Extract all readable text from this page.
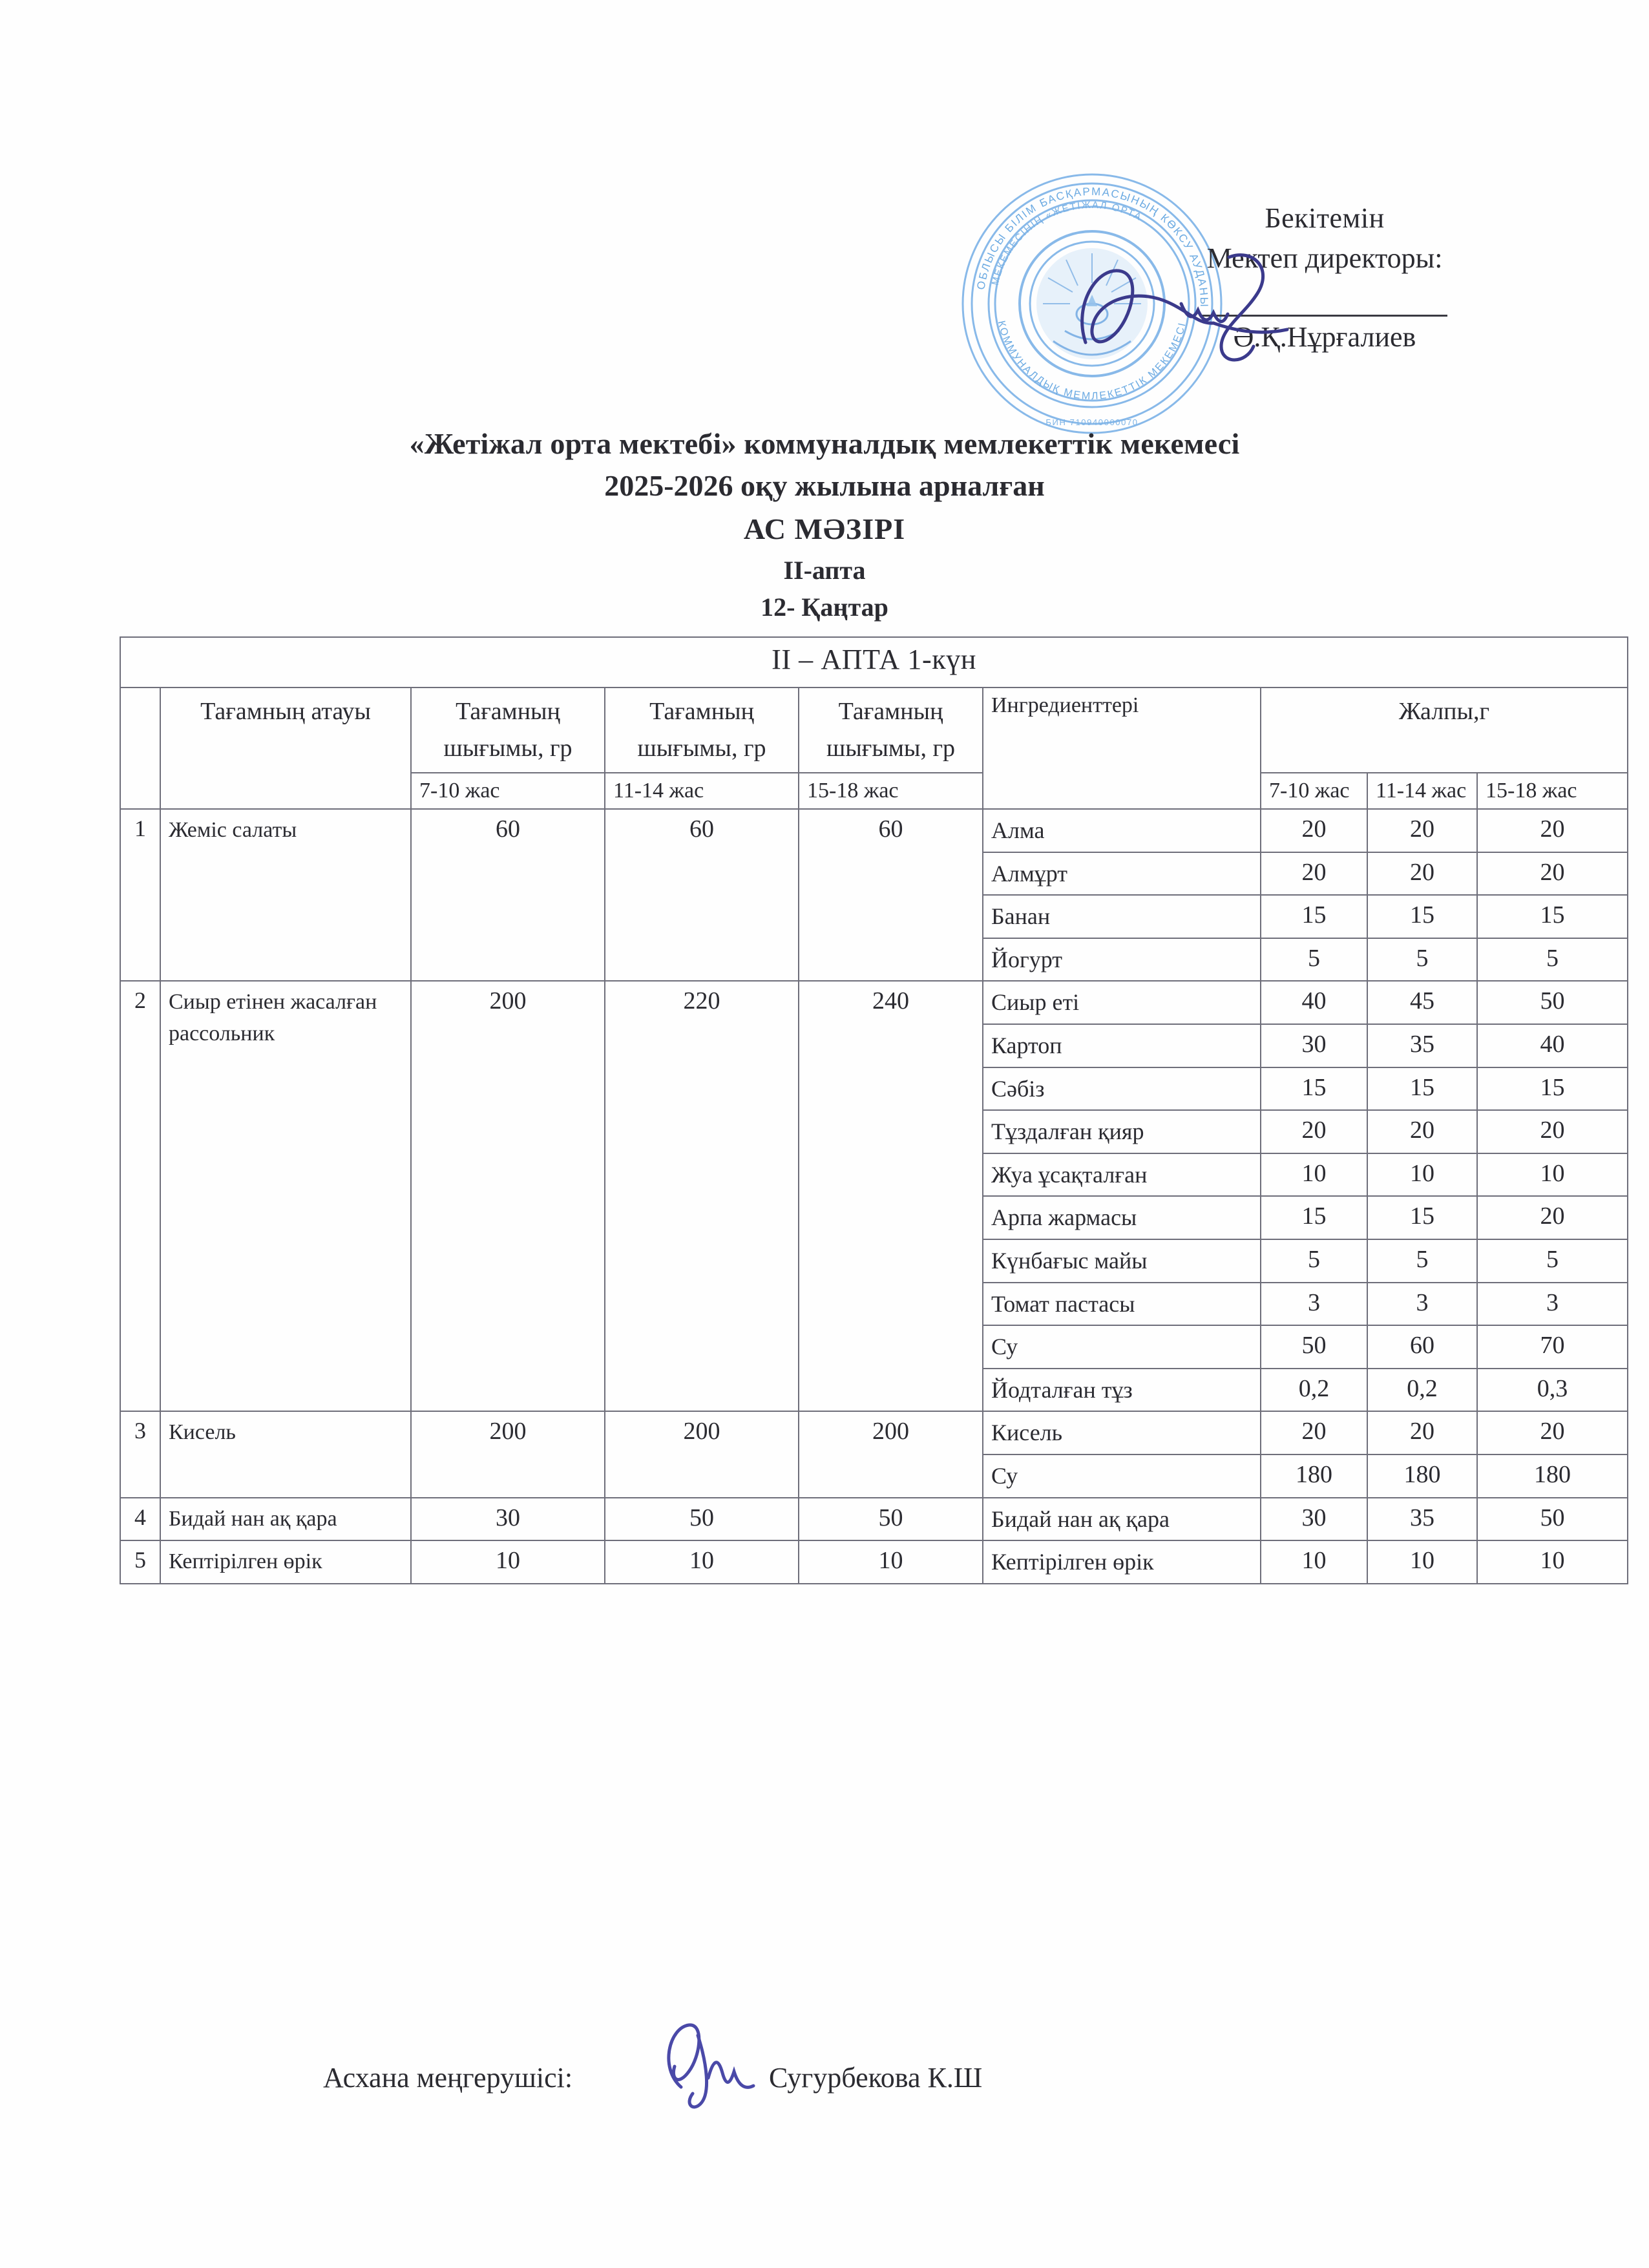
ОБЛЫСЫ БІЛІМ БАСҚАРМАСЫНЫҢ КӨКСУ АУДАНЫ
МЕКЕМЕСІНІҢ «ЖЕТІЖАЛ ОРТА
КОММУНАЛДЫҚ МЕМЛЕКЕТТІК МЕКЕМЕСІ
БИН 710940000070
Бекітемін
Мектеп директоры:
Ә.Қ.Нұрғалиев
«Жетіжал орта мектебі» коммуналдық мемлекеттік мекемесі
2025-2026 оқу жылына арналған
АС МӘЗІРІ
II-апта
12- Қаңтар
II – АПТА 1-күн								
	Тағамның атауы	Тағамның шығымы, гр	Тағамның шығымы, гр	Тағамның шығымы, гр	Ингредиенттері	Жалпы,г		
		7-10 жас	11-14 жас	15-18 жас		7-10 жас	11-14 жас	15-18 жас
1	Жеміс салаты	60	60	60	Алма	20	20	20
					Алмұрт	20	20	20
					Банан	15	15	15
					Йогурт	5	5	5
2	Сиыр етінен жасалған рассольник	200	220	240	Сиыр еті	40	45	50
					Картоп	30	35	40
					Сәбіз	15	15	15
					Тұздалған қияр	20	20	20
					Жуа ұсақталған	10	10	10
					Арпа жармасы	15	15	20
					Күнбағыс майы	5	5	5
					Томат пастасы	3	3	3
					Су	50	60	70
					Йодталған тұз	0,2	0,2	0,3
3	Кисель	200	200	200	Кисель	20	20	20
					Су	180	180	180
4	Бидай нан ақ қара	30	50	50	Бидай нан ақ қара	30	35	50
5	Кептірілген өрік	10	10	10	Кептірілген өрік	10	10	10
Асхана меңгерушісі:	Сугурбекова К.Ш
